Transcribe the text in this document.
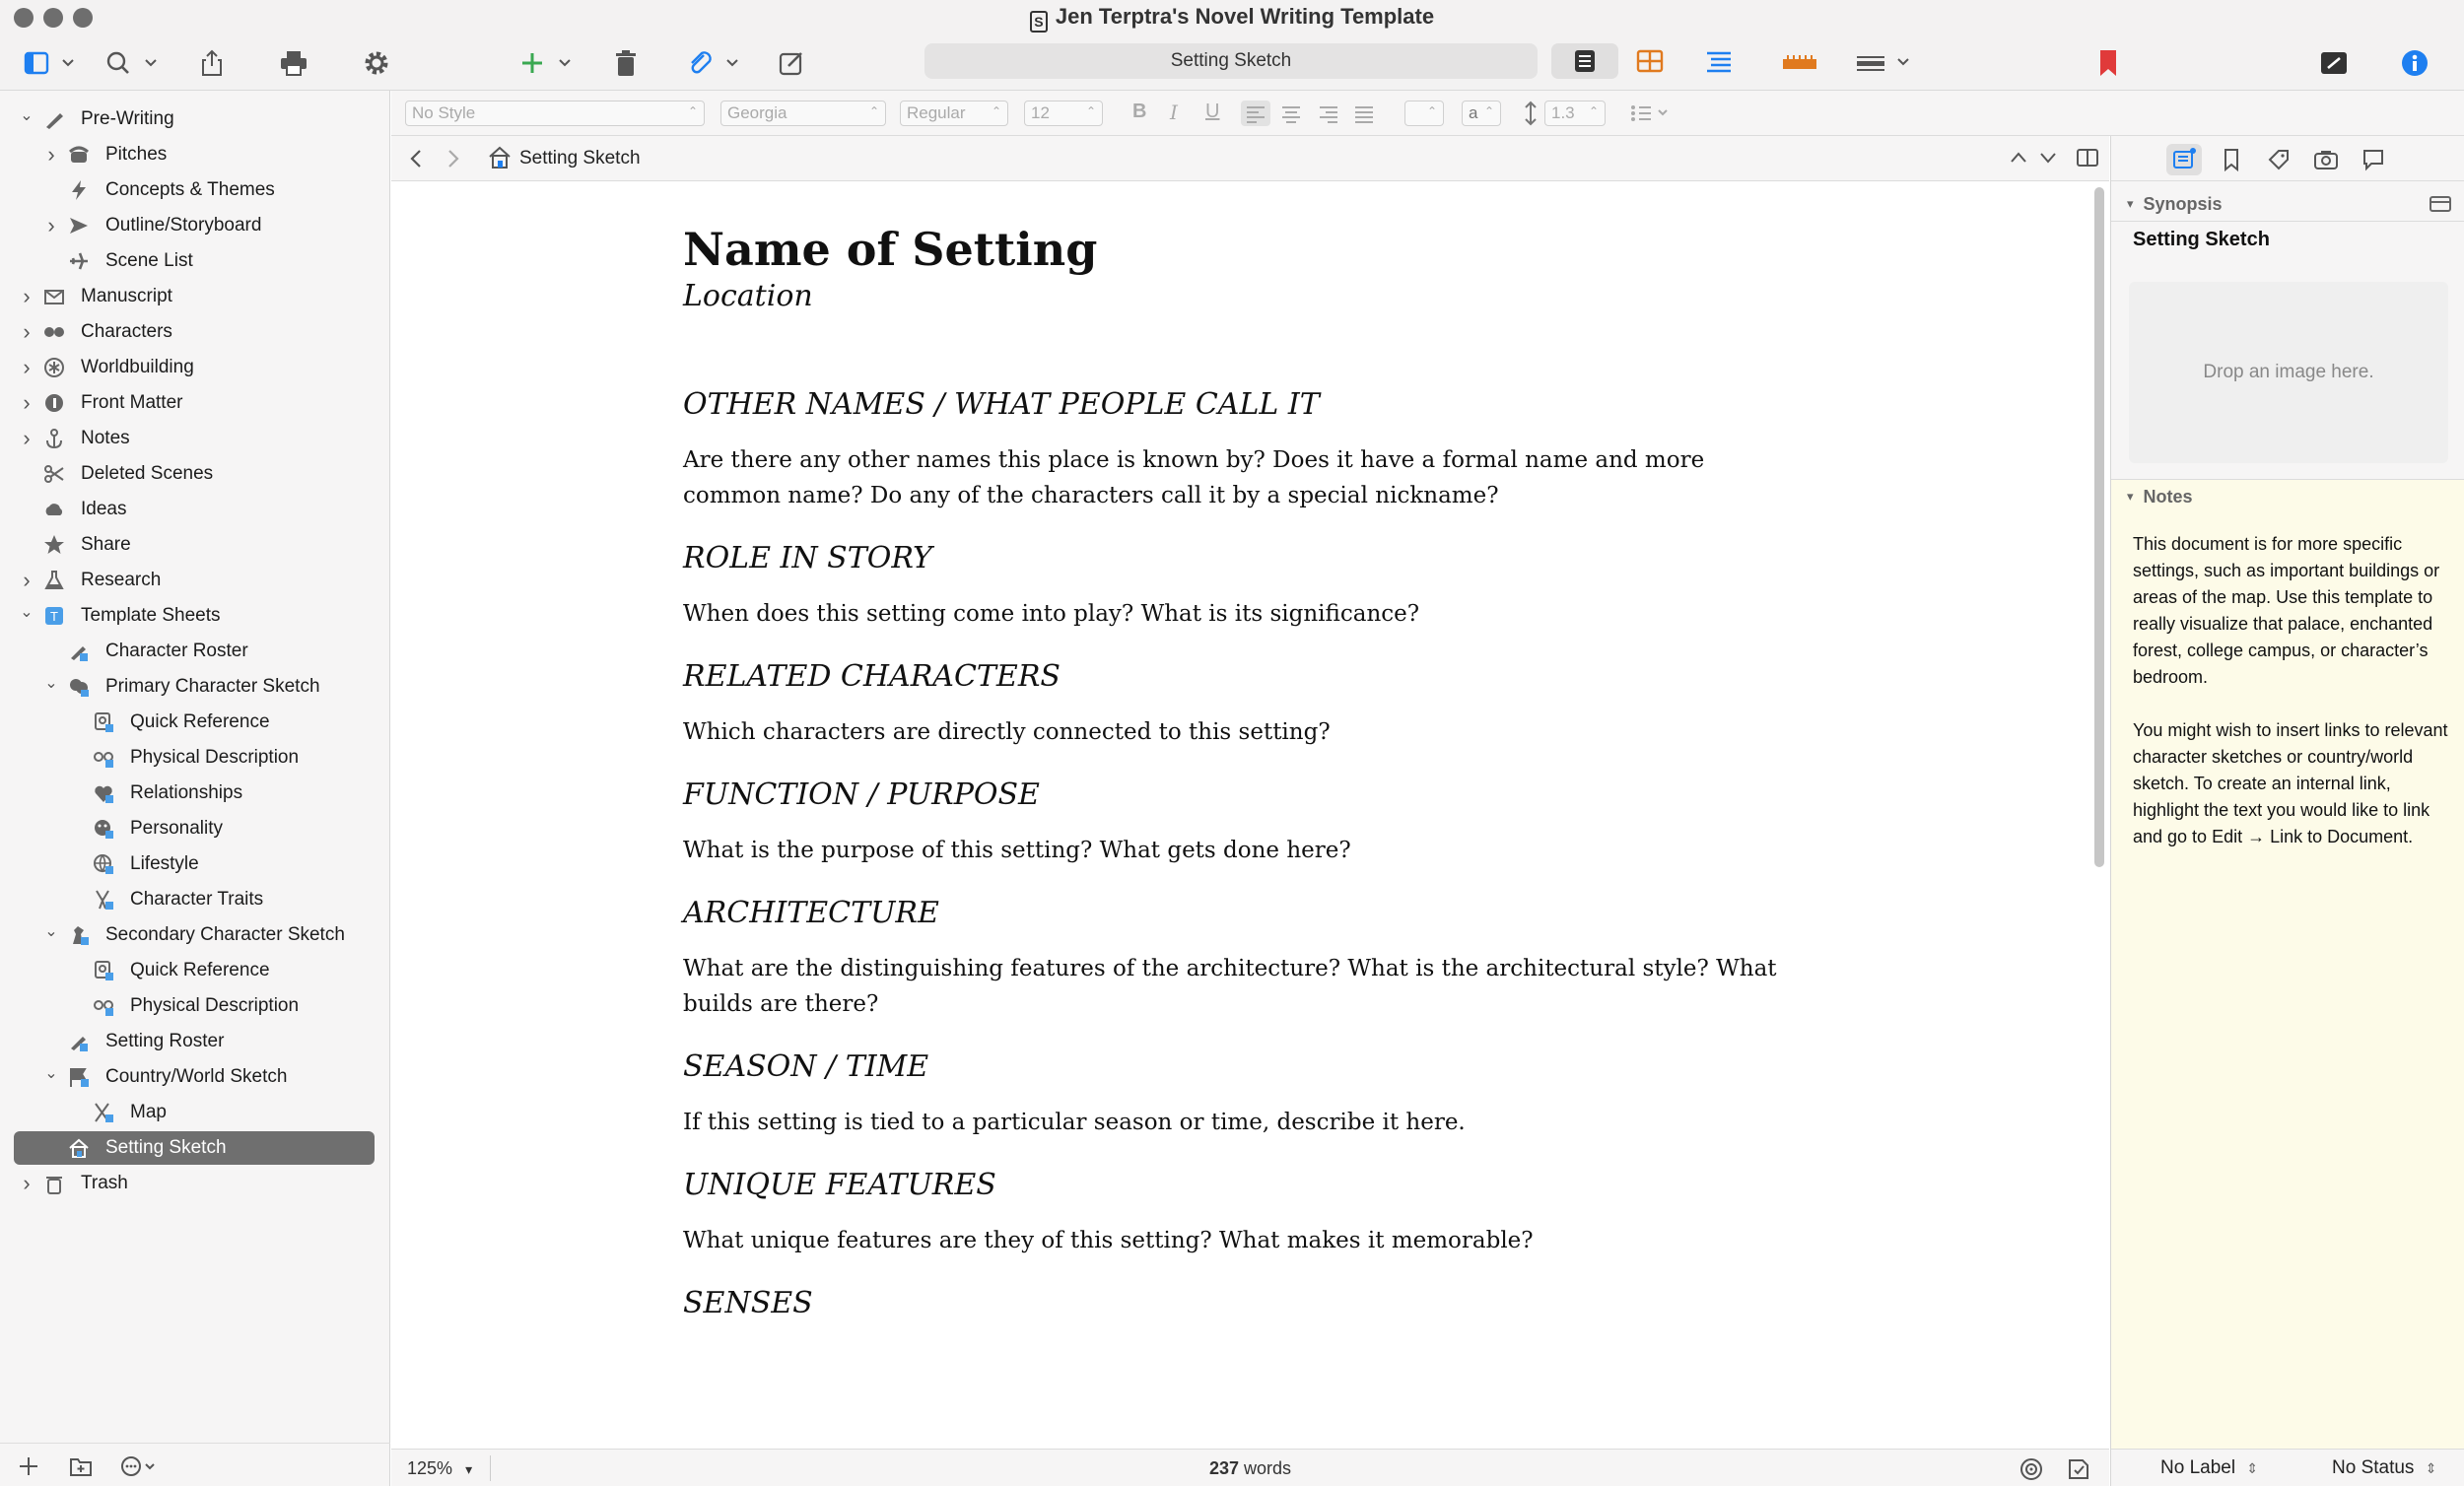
S Jen Terptra's Novel Writing Template
Setting Sketch
⌄	Pre-Writing
›	Pitches
Concepts & Themes
›	Outline/Storyboard
Scene List
›	Manuscript
›	Characters
›	Worldbuilding
›	Front Matter
›	Notes
Deleted Scenes
Ideas
Share
›	Research
⌄ T Template Sheets
Character Roster
⌄	Primary Character Sketch
Quick Reference
Physical Description
Relationships
Personality
Lifestyle
Character Traits
⌄	Secondary Character Sketch
Quick Reference
Physical Description
Setting Roster
⌄	Country/World Sketch
Map
Setting Sketch
›	Trash
No Style ⌃	Georgia ⌃	Regular ⌃	12 ⌃	B I U
⌃	a ⌃	1.3 ⌃
Setting Sketch
Name of Setting
Location
OTHER NAMES / WHAT PEOPLE CALL IT

Are there any other names this place is known by? Does it have a formal name and more common name? Do any of the characters call it by a special nickname?

ROLE IN STORY

When does this setting come into play? What is its significance?

RELATED CHARACTERS

Which characters are directly connected to this setting?

FUNCTION / PURPOSE

What is the purpose of this setting? What gets done here?

ARCHITECTURE

What are the distinguishing features of the architecture? What is the architectural style? What builds are there?

SEASON / TIME

If this setting is tied to a particular season or time, describe it here.

UNIQUE FEATURES

What unique features are they of this setting? What makes it memorable?

SENSES
125% ▾	237 words
▾ Synopsis
Setting Sketch
Drop an image here.
▾ Notes

This document is for more specific settings, such as important buildings or areas of the map. Use this template to really visualize that palace, enchanted forest, college campus, or character’s bedroom.

You might wish to insert links to relevant character sketches or country/world sketch. To create an internal link, highlight the text you would like to link and go to Edit → Link to Document.

No Label ⇕	No Status ⇕
